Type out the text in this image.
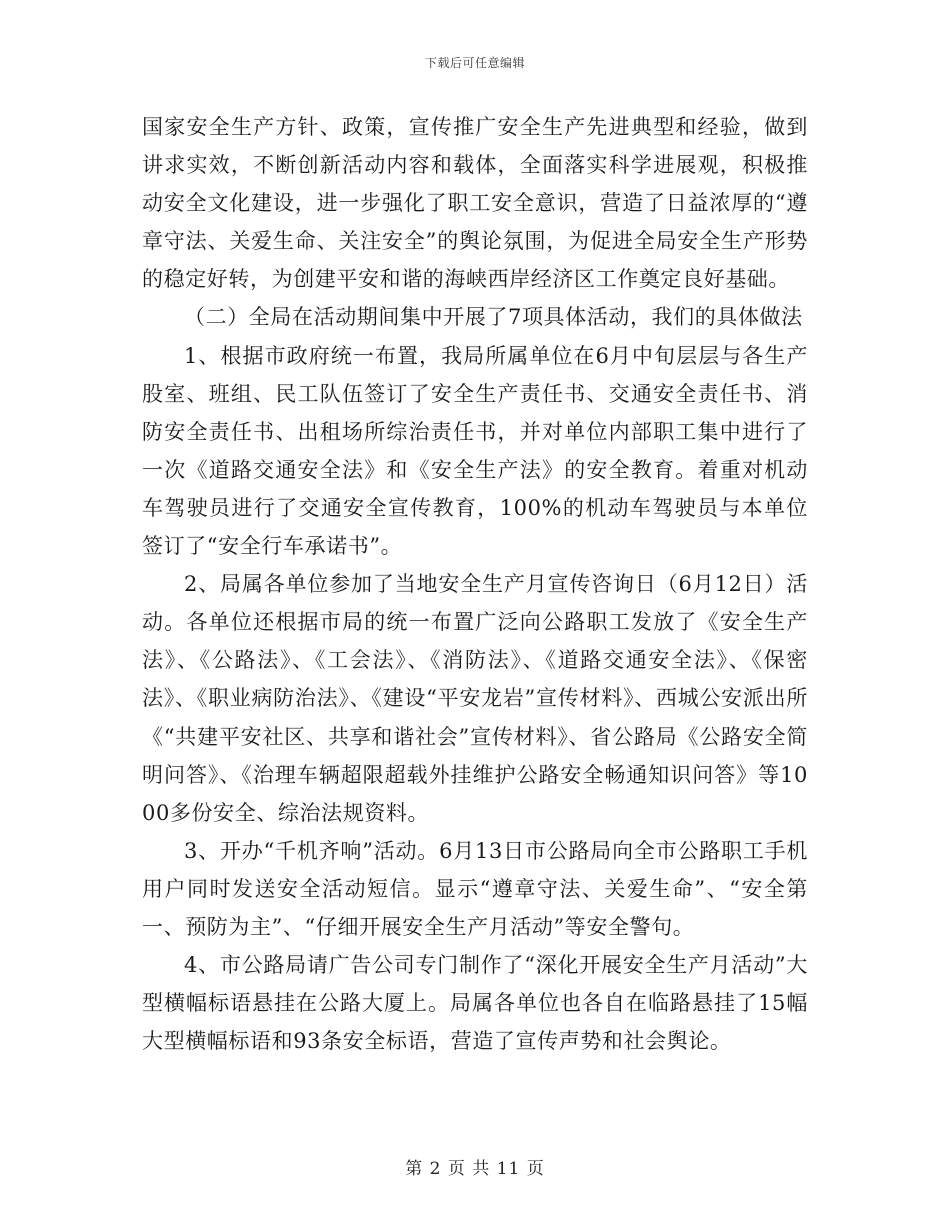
下载后可任意编辑

国家安全生产方针、政策，宣传推广安全生产先进典型和经验，做到讲求实效，不断创新活动内容和载体，全面落实科学进展观，积极推动安全文化建设，进一步强化了职工安全意识，营造了日益浓厚的“遵章守法、关爱生命、关注安全”的舆论氛围，为促进全局安全生产形势的稳定好转，为创建平安和谐的海峡西岸经济区工作奠定良好基础。

（二）全局在活动期间集中开展了7项具体活动，我们的具体做法

1、根据市政府统一布置，我局所属单位在6月中旬层层与各生产股室、班组、民工队伍签订了安全生产责任书、交通安全责任书、消防安全责任书、出租场所综治责任书，并对单位内部职工集中进行了一次《道路交通安全法》和《安全生产法》的安全教育。着重对机动车驾驶员进行了交通安全宣传教育，100%的机动车驾驶员与本单位签订了“安全行车承诺书”。

2、局属各单位参加了当地安全生产月宣传咨询日（6月12日）活动。各单位还根据市局的统一布置广泛向公路职工发放了《安全生产法》、《公路法》、《工会法》、《消防法》、《道路交通安全法》、《保密法》、《职业病防治法》、《建设“平安龙岩”宣传材料》、西城公安派出所《“共建平安社区、共享和谐社会”宣传材料》、省公路局《公路安全简明问答》、《治理车辆超限超载外挂维护公路安全畅通知识问答》等1000多份安全、综治法规资料。

3、开办“千机齐响”活动。6月13日市公路局向全市公路职工手机用户同时发送安全活动短信。显示“遵章守法、关爱生命”、“安全第一、预防为主”、“仔细开展安全生产月活动”等安全警句。

4、市公路局请广告公司专门制作了“深化开展安全生产月活动”大型横幅标语悬挂在公路大厦上。局属各单位也各自在临路悬挂了15幅大型横幅标语和93条安全标语，营造了宣传声势和社会舆论。

第 2 页 共 11 页
